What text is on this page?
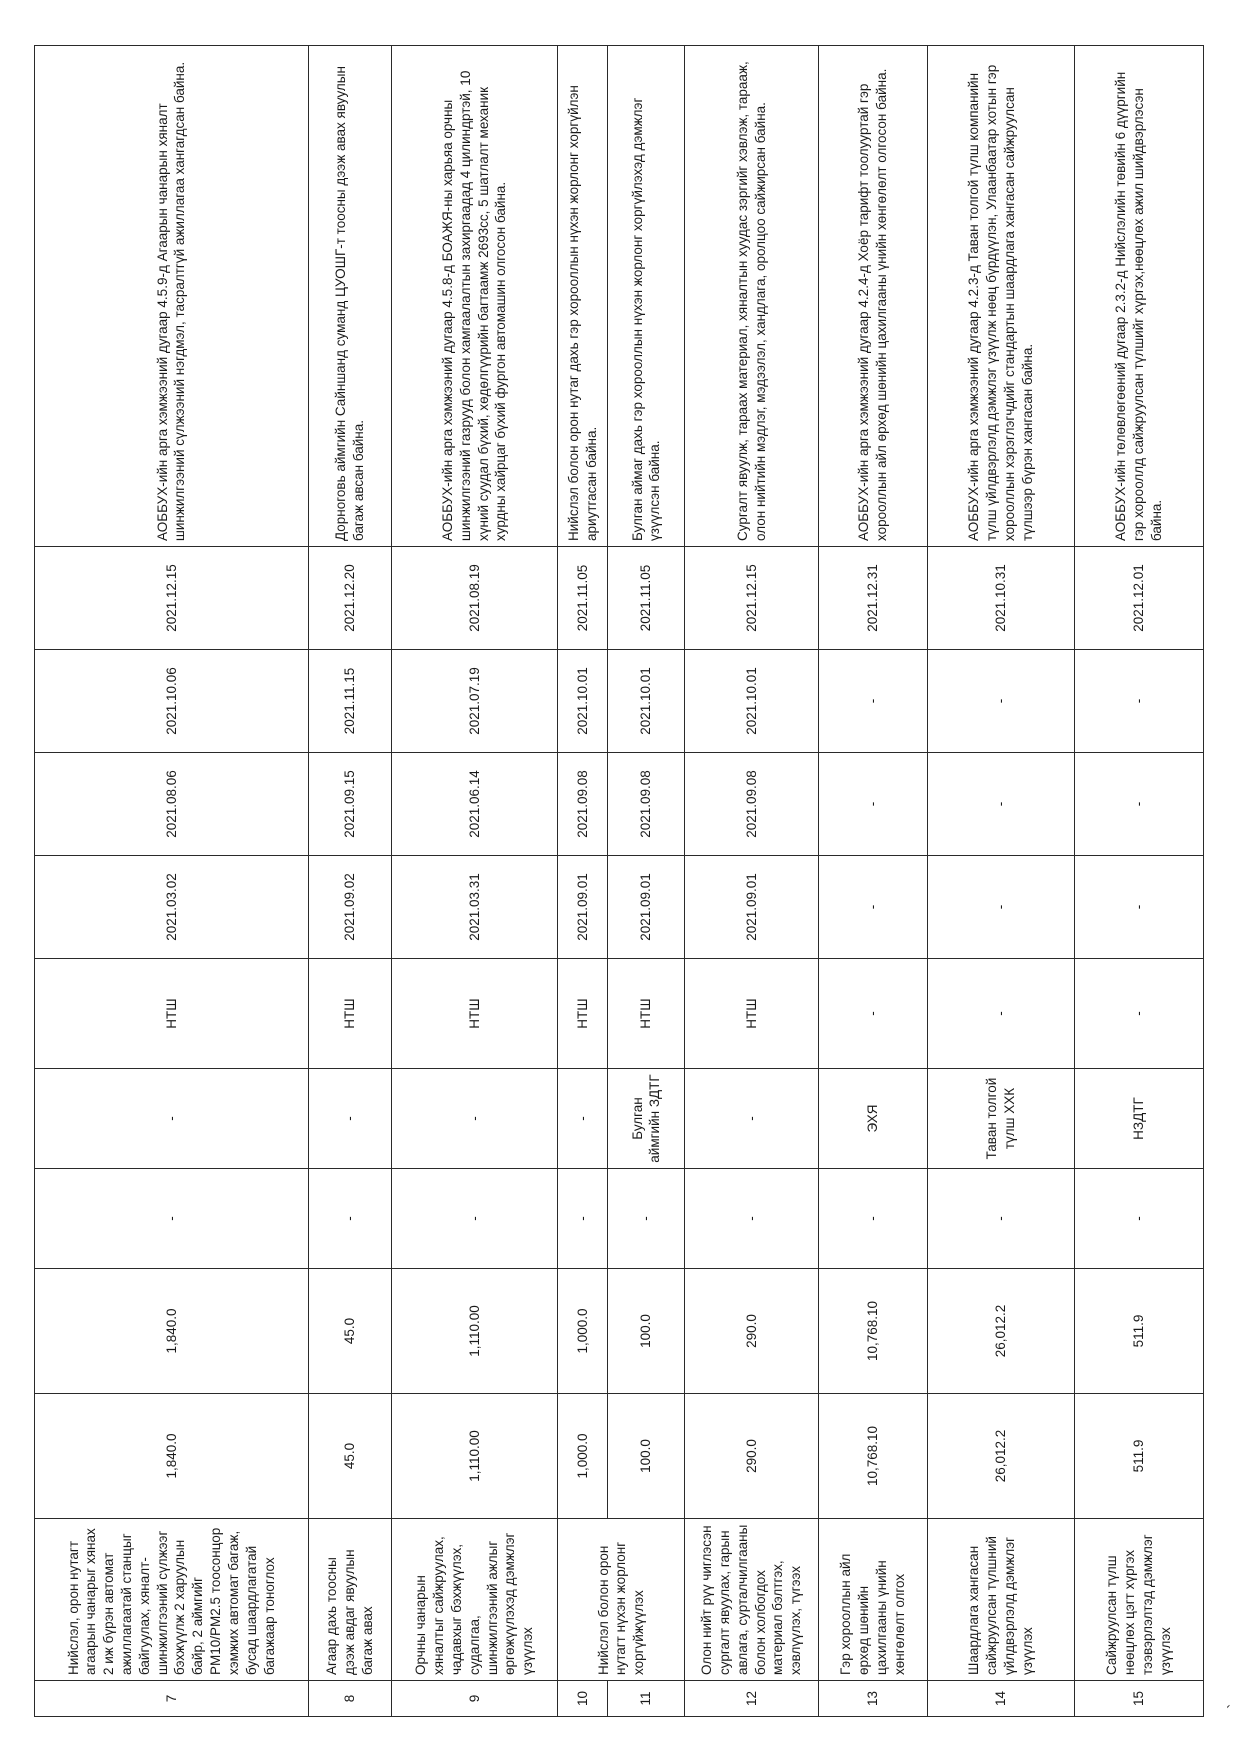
7	Нийслэл, орон нутагт агаарын чанарыг хянах 2 иж бүрэн автомат ажиллагаатай станцыг байгуулах, хяналт-шинжилгээний сүлжээг бэхжүүлж 2 харуулын байр, 2 аймгийг PM10/PM2.5 тоосонцор хэмжих автомат багаж, бусад шаардлагатай багажаар тоноглох	1,840.0	1,840.0	-	-	НТШ	2021.03.02	2021.08.06	2021.10.06	2021.12.15	АОББУХ-ийн арга хэмжээний дугаар 4.5.9-д Агаарын чанарын хяналт шинжилгээний сүлжээний нэгдмэл, тасралтгүй ажиллагаа хангагдсан байна.
8	Агаар дахь тоосны дээж авдаг явуулын багаж авах	45.0	45.0	-	-	НТШ	2021.09.02	2021.09.15	2021.11.15	2021.12.20	Дорноговь аймгийн Сайншанд суманд ЦУОШГ-т тоосны дээж авах явуулын багаж авсан байна.
9	Орчны чанарын хяналтыг сайжруулах, чадавхыг бэхжүүлэх, судалгаа, шинжилгээний ажлыг өргөжүүлэхэд дэмжлэг үзүүлэх	1,110.00	1,110.00	-	-	НТШ	2021.03.31	2021.06.14	2021.07.19	2021.08.19	АОББУХ-ийн арга хэмжээний дугаар 4.5.8-д БОАЖЯ-ны харьяа орчны шинжилгээний газрууд болон хамгаалалтын захиргаадад 4 цилиндртэй, 10 хүний суудал бүхий, хөдөлгүүрийн багтаамж 2693сс, 5 шатлалт механик хурдны хайрцаг бүхий фургон автомашин олгосон байна.
10	Нийслэл болон орон нутагт нүхэн жорлонг хоргүйжүүлэх	1,000.0	1,000.0	-	-	НТШ	2021.09.01	2021.09.08	2021.10.01	2021.11.05	Нийслэл болон орон нутаг дахь гэр хорооллын нүхэн жорлонг хоргүйлэн ариутгасан байна.
11		100.0	100.0	-	Булган аймгийн ЗДТГ	НТШ	2021.09.01	2021.09.08	2021.10.01	2021.11.05	Булган аймаг дахь гэр хорооллын нүхэн жорлонг хоргүйлэхэд дэмжлэг үзүүлсэн байна.
12	Олон нийт рүү чиглэсэн сургалт явуулах, гарын авлага, сурталчилгааны болон холбогдох материал бэлтгэх, хэвлүүлэх, түгээх	290.0	290.0	-	-	НТШ	2021.09.01	2021.09.08	2021.10.01	2021.12.15	Сургалт явуулж, тараах материал, хяналтын хуудас зэргийг хэвлэж, тарааж, олон нийтийн мэдлэг, мэдээлэл, хандлага, оролцоо сайжирсан байна.
13	Гэр хорооллын айл өрхөд шөнийн цахилгааны үнийн хөнгөлөлт олгох	10,768.10	10,768.10	-	ЭХЯ	-	-	-	-	2021.12.31	АОББУХ-ийн арга хэмжээний дугаар 4.2.4-д Хоёр тарифт тоолууртай гэр хорооллын айл өрхөд шөнийн цахилгааны үнийн хөнгөлөлт олгосон байна.
14	Шаардлага хангасан сайжруулсан түлшний үйлдвэрлэлд дэмжлэг үзүүлэх	26,012.2	26,012.2	-	Таван толгой түлш ХХК	-	-	-	-	2021.10.31	АОББУХ-ийн арга хэмжээний дугаар 4.2.3-д Таван толгой түлш компанийн түлш үйлдвэрлэлд дэмжлэг үзүүлж нөөц бүрдүүлэн, Улаанбаатар хотын гэр хорооллын хэрэглэгчдийг стандартын шаардлага хангасан сайжруулсан түлшээр бүрэн хангасан байна.
15	Сайжруулсан түлш нөөцлөх цэгт хүргэх тээвэрлэлтэд дэмжлэг үзүүлэх	511.9	511.9	-	НЗДТГ	-	-	-	-	2021.12.01	АОББУХ-ийн төлөвлөгөөний дугаар 2.3.2-д Нийслэлийн төвийн 6 дүүргийн гэр хорооллд сайжруулсан түлшийг хүргэх,нөөцлөх ажил шийдвэрлэсэн байна.
`
